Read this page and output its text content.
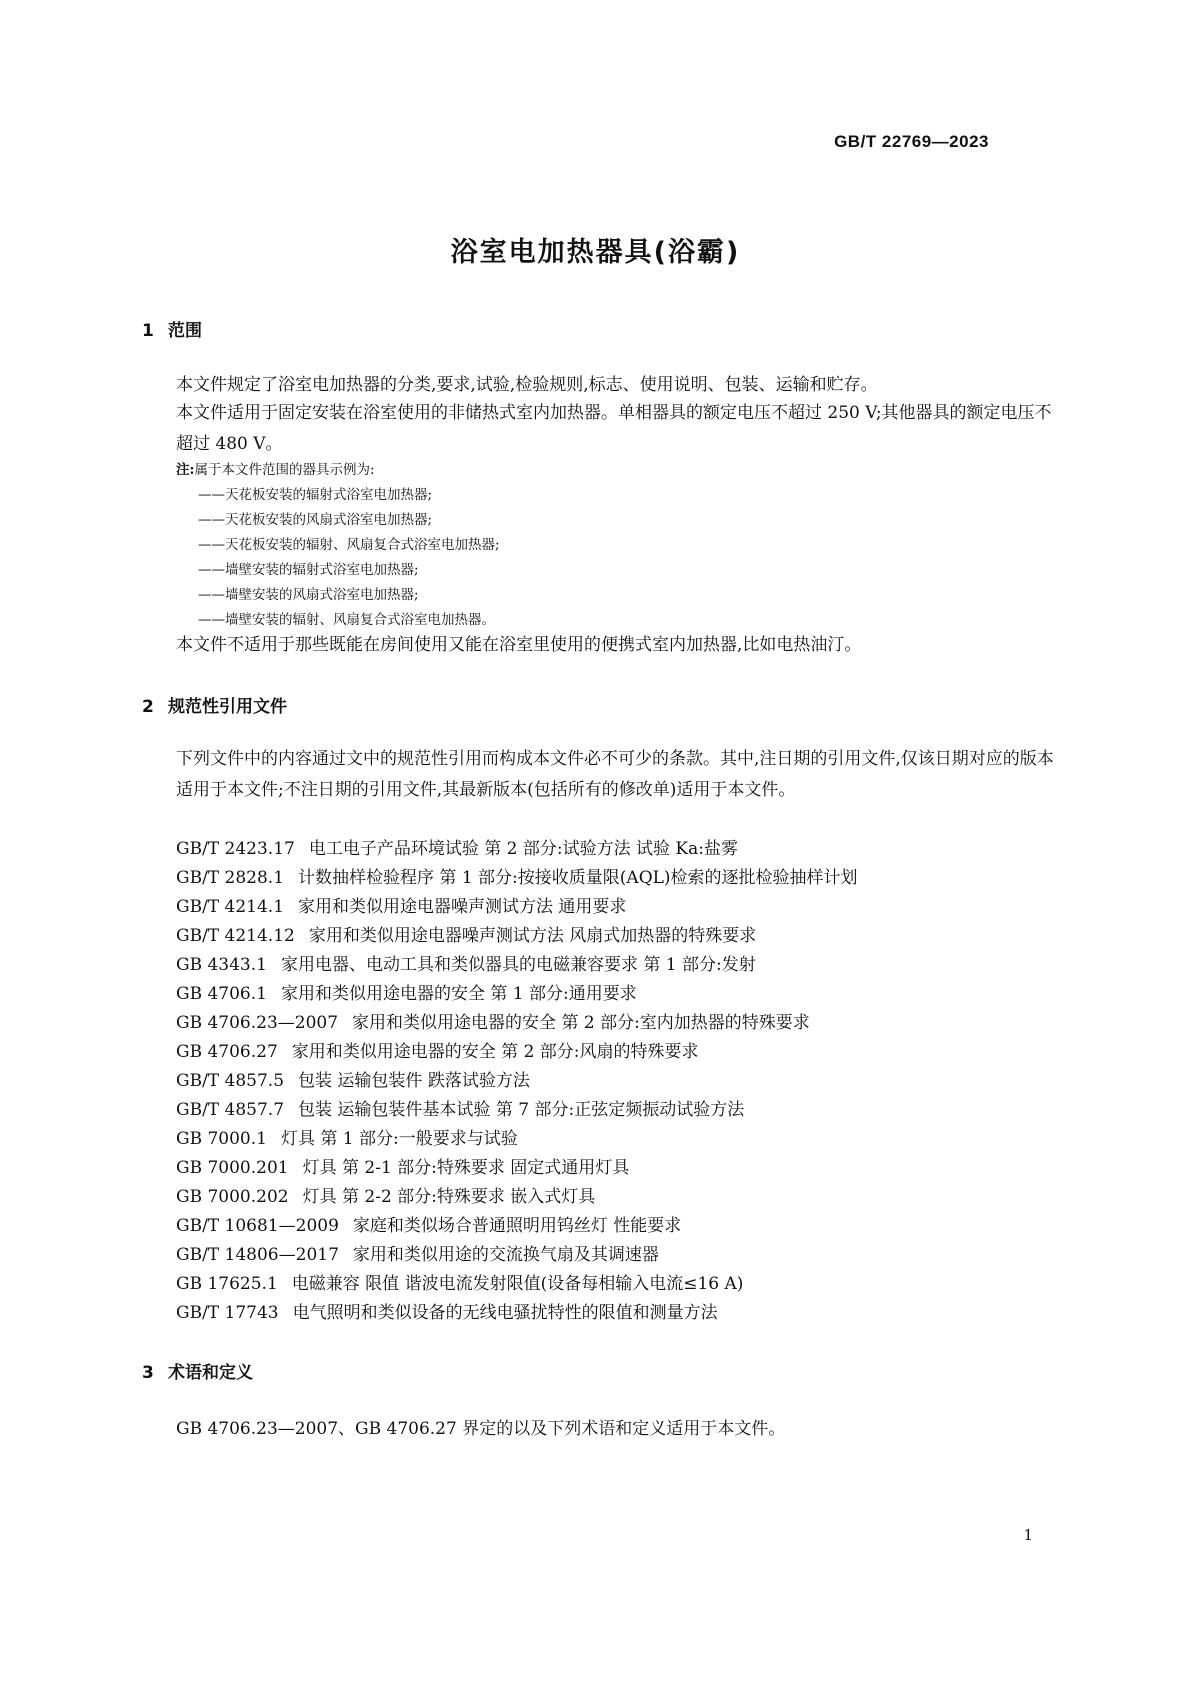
GB/T 22769—2023
浴室电加热器具(浴霸)
1 范围
本文件规定了浴室电加热器的分类,要求,试验,检验规则,标志、使用说明、包装、运输和贮存。
本文件适用于固定安装在浴室使用的非储热式室内加热器。单相器具的额定电压不超过 250 V;其他器具的额定电压不超过 480 V。
注:属于本文件范围的器具示例为:
——天花板安装的辐射式浴室电加热器;
——天花板安装的风扇式浴室电加热器;
——天花板安装的辐射、风扇复合式浴室电加热器;
——墙壁安装的辐射式浴室电加热器;
——墙壁安装的风扇式浴室电加热器;
——墙壁安装的辐射、风扇复合式浴室电加热器。
本文件不适用于那些既能在房间使用又能在浴室里使用的便携式室内加热器,比如电热油汀。
2 规范性引用文件
下列文件中的内容通过文中的规范性引用而构成本文件必不可少的条款。其中,注日期的引用文件,仅该日期对应的版本适用于本文件;不注日期的引用文件,其最新版本(包括所有的修改单)适用于本文件。
GB/T 2423.17 电工电子产品环境试验 第 2 部分:试验方法 试验 Ka:盐雾
GB/T 2828.1 计数抽样检验程序 第 1 部分:按接收质量限(AQL)检索的逐批检验抽样计划
GB/T 4214.1 家用和类似用途电器噪声测试方法 通用要求
GB/T 4214.12 家用和类似用途电器噪声测试方法 风扇式加热器的特殊要求
GB 4343.1 家用电器、电动工具和类似器具的电磁兼容要求 第 1 部分:发射
GB 4706.1 家用和类似用途电器的安全 第 1 部分:通用要求
GB 4706.23—2007 家用和类似用途电器的安全 第 2 部分:室内加热器的特殊要求
GB 4706.27 家用和类似用途电器的安全 第 2 部分:风扇的特殊要求
GB/T 4857.5 包装 运输包装件 跌落试验方法
GB/T 4857.7 包装 运输包装件基本试验 第 7 部分:正弦定频振动试验方法
GB 7000.1 灯具 第 1 部分:一般要求与试验
GB 7000.201 灯具 第 2-1 部分:特殊要求 固定式通用灯具
GB 7000.202 灯具 第 2-2 部分:特殊要求 嵌入式灯具
GB/T 10681—2009 家庭和类似场合普通照明用钨丝灯 性能要求
GB/T 14806—2017 家用和类似用途的交流换气扇及其调速器
GB 17625.1 电磁兼容 限值 谐波电流发射限值(设备每相输入电流≤16 A)
GB/T 17743 电气照明和类似设备的无线电骚扰特性的限值和测量方法
3 术语和定义
GB 4706.23—2007、GB 4706.27 界定的以及下列术语和定义适用于本文件。
1
